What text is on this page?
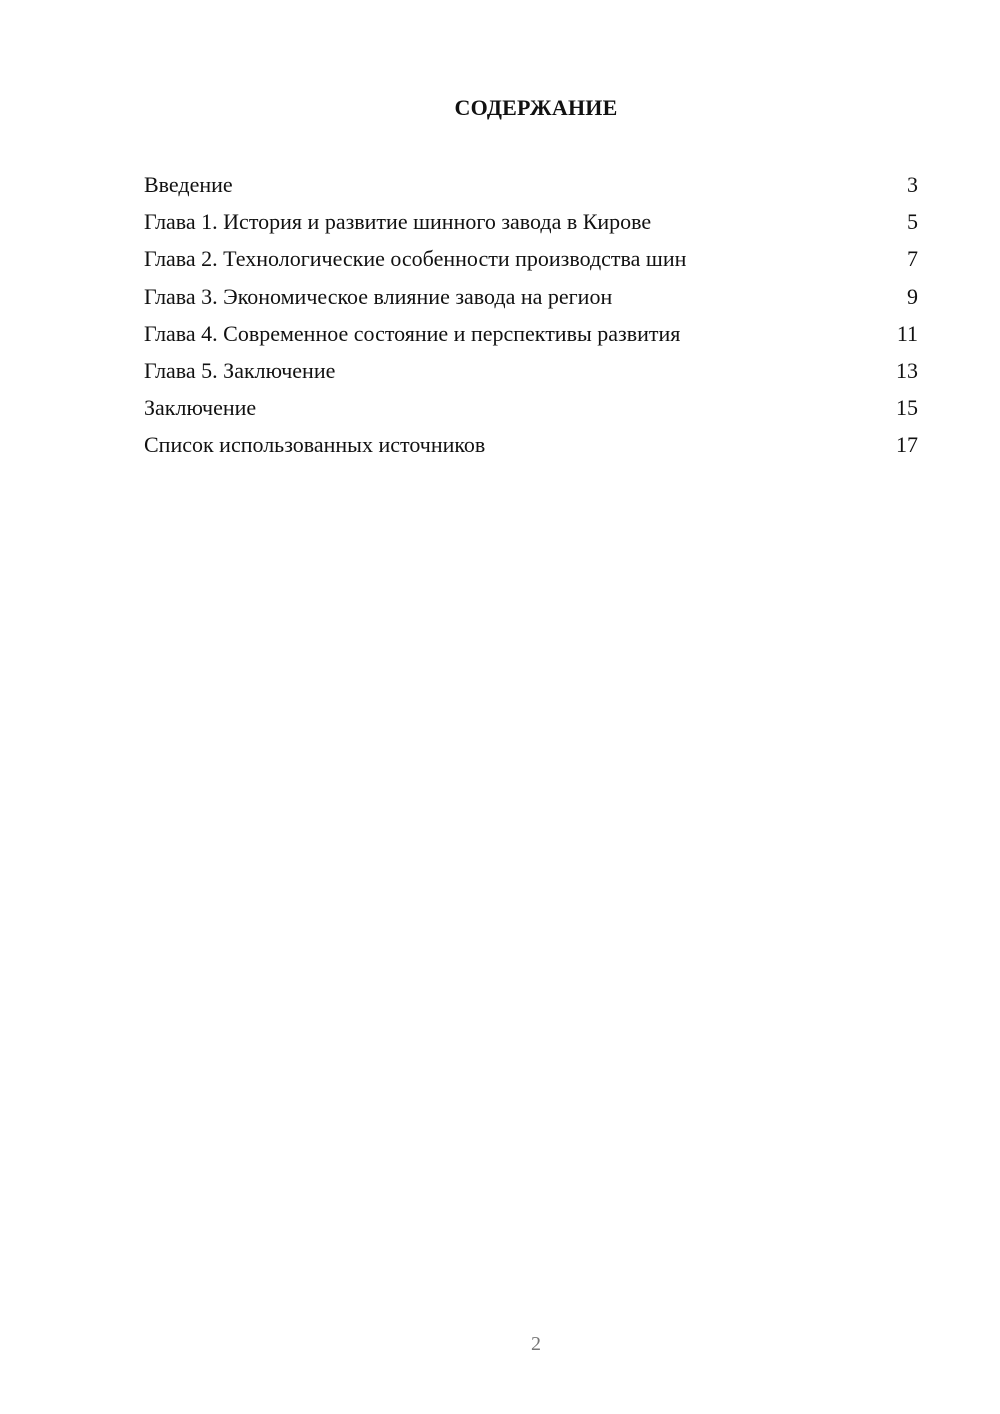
СОДЕРЖАНИЕ
Введение	3
Глава 1. История и развитие шинного завода в Кирове	5
Глава 2. Технологические особенности производства шин	7
Глава 3. Экономическое влияние завода на регион	9
Глава 4. Современное состояние и перспективы развития	11
Глава 5. Заключение	13
Заключение	15
Список использованных источников	17
2
